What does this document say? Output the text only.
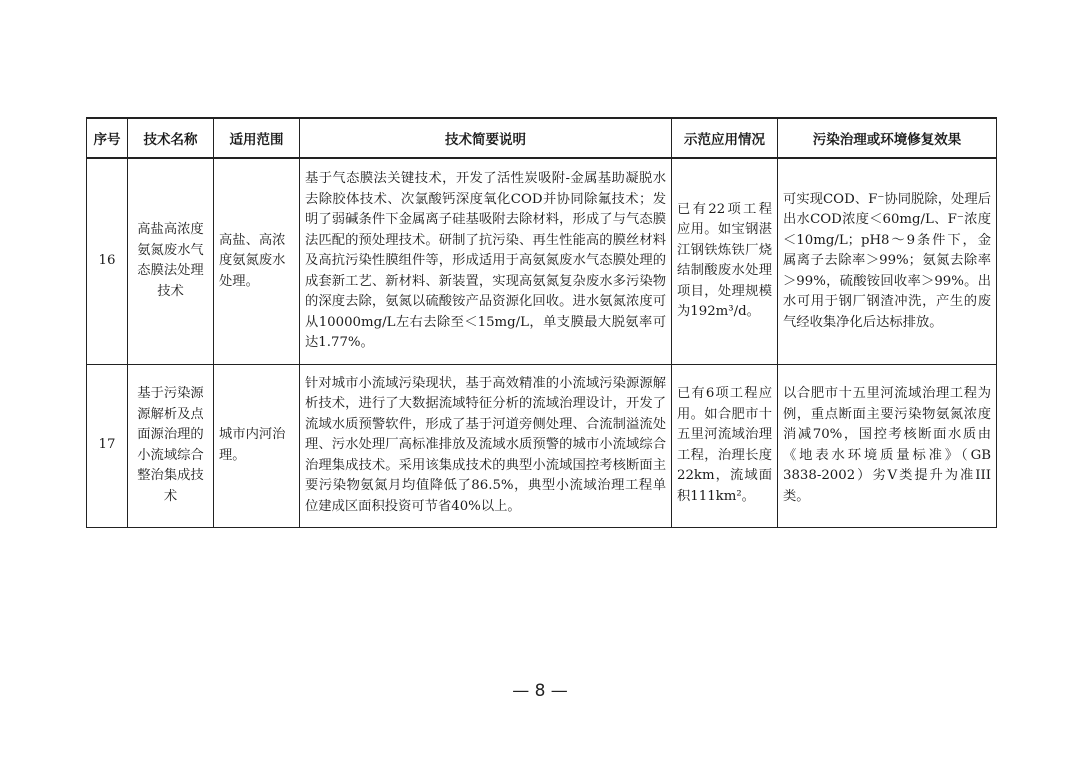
序号	技术名称	适用范围	技术简要说明	示范应用情况	污染治理或环境修复效果
16	高盐高浓度氨氮废水气态膜法处理技术	高盐、高浓度氨氮废水处理。	基于气态膜法关键技术，开发了活性炭吸附-金属基助凝脱水去除胶体技术、次氯酸钙深度氧化COD并协同除氟技术；发明了弱碱条件下金属离子硅基吸附去除材料，形成了与气态膜法匹配的预处理技术。研制了抗污染、再生性能高的膜丝材料及高抗污染性膜组件等，形成适用于高氨氮废水气态膜处理的成套新工艺、新材料、新装置，实现高氨氮复杂废水多污染物的深度去除，氨氮以硫酸铵产品资源化回收。进水氨氮浓度可从10000mg/L左右去除至＜15mg/L，单支膜最大脱氨率可达1.77%。	已有22项工程应用。如宝钢湛江钢铁炼铁厂烧结制酸废水处理项目，处理规模为192m³/d。	可实现COD、F⁻协同脱除，处理后出水COD浓度＜60mg/L、F⁻浓度＜10mg/L；pH8～9条件下，金属离子去除率＞99%；氨氮去除率＞99%，硫酸铵回收率＞99%。出水可用于钢厂钢渣冲洗，产生的废气经收集净化后达标排放。
17	基于污染源源解析及点面源治理的小流域综合整治集成技术	城市内河治理。	针对城市小流域污染现状，基于高效精准的小流域污染源源解析技术，进行了大数据流域特征分析的流域治理设计，开发了流域水质预警软件，形成了基于河道旁侧处理、合流制溢流处理、污水处理厂高标准排放及流域水质预警的城市小流域综合治理集成技术。采用该集成技术的典型小流域国控考核断面主要污染物氨氮月均值降低了86.5%，典型小流域治理工程单位建成区面积投资可节省40%以上。	已有6项工程应用。如合肥市十五里河流域治理工程，治理长度22km，流域面积111km²。	以合肥市十五里河流域治理工程为例，重点断面主要污染物氨氮浓度消减70%，国控考核断面水质由《地表水环境质量标准》（GB 3838-2002）劣V类提升为准III类。
— 8 —
